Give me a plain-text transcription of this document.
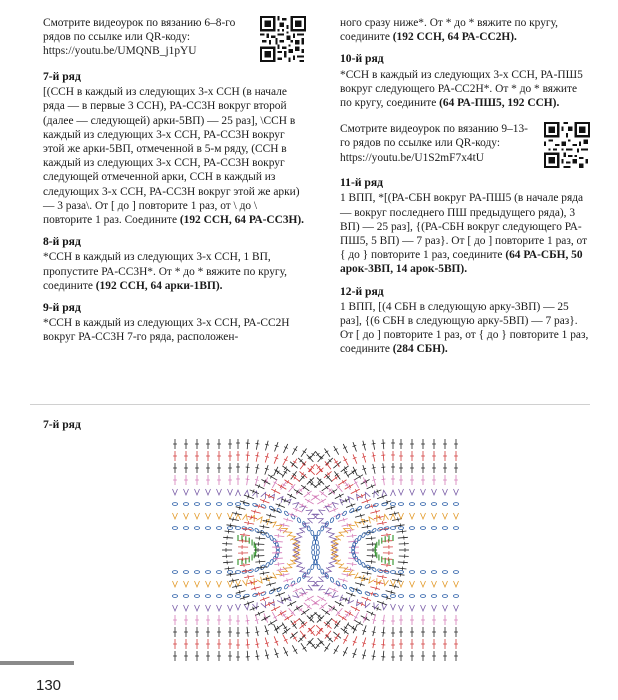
Смотрите видеоурок по вязанию 6–8-го рядов по ссылке или QR-коду:

https://youtu.be/UMQNB_j1pYU

7-й ряд

[(ССН в каждый из следующих 3-х ССН (в начале ряда — в первые 3 ССН), РА-СС3Н вокруг второй (далее — следующей) арки-5ВП) — 25 раз], \ССН в каждый из следующих 3-х ССН, РА-СС3Н вокруг этой же арки-5ВП, отмеченной в 5-м ряду, (ССН в каждый из следующих 3-х ССН, РА-СС3Н вокруг следующей отмеченной арки, ССН в каждый из следующих 3-х ССН, РА-СС3Н вокруг этой же арки) — 3 раза\. От [ до ] повторите 1 раз, от \ до \ повторите 1 раз. Соедините (192 ССН, 64 РА-СС3Н).

8-й ряд

*ССН в каждый из следующих 3-х ССН, 1 ВП, пропустите РА-СС3Н*. От * до * вяжите по кругу, соедините (192 ССН, 64 арки-1ВП).

9-й ряд

*ССН в каждый из следующих 3-х ССН, РА-СС2Н вокруг РА-СС3Н 7-го ряда, расположен-

ного сразу ниже*. От * до * вяжите по кругу, соедините (192 ССН, 64 РА-СС2Н).

10-й ряд

*ССН в каждый из следующих 3-х ССН, РА-ПШ5 вокруг следующего РА-СС2Н*. От * до * вяжите по кругу, соедините (64 РА-ПШ5, 192 ССН).

Смотрите видеоурок по вязанию 9–13-го рядов по ссылке или QR-коду:

https://youtu.be/U1S2mF7x4tU

11-й ряд

1 ВПП, *[(РА-СБН вокруг РА-ПШ5 (в начале ряда — вокруг последнего ПШ предыдущего ряда), 3 ВП) — 25 раз], {(РА-СБН вокруг следующего РА-ПШ5, 5 ВП) — 7 раз}. От [ до ] повторите 1 раз, от { до } повторите 1 раз, соедините (64 РА-СБН, 50 арок-3ВП, 14 арок-5ВП).

12-й ряд

1 ВПП, [(4 СБН в следующую арку-3ВП) — 25 раз], {(6 СБН в следующую арку-5ВП) — 7 раз}. От [ до ] повторите 1 раз, от { до } повторите 1 раз, соедините (284 СБН).

7-й ряд
130
